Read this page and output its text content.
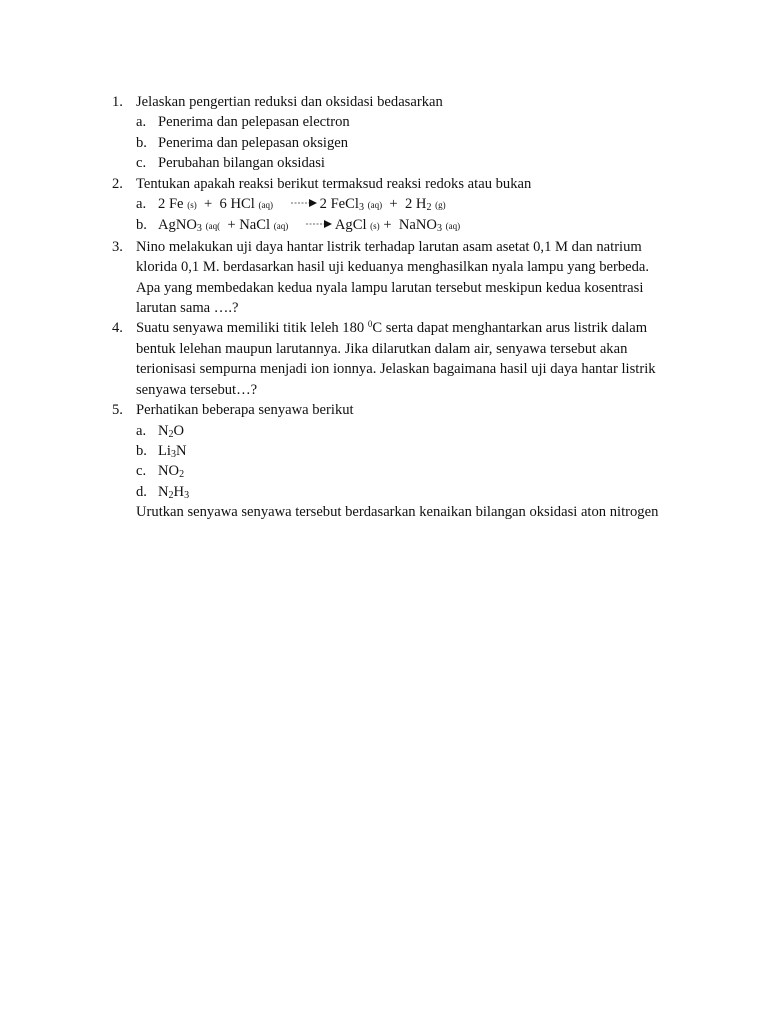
1. Jelaskan pengertian reduksi dan oksidasi bedasarkan
a. Penerima dan pelepasan electron
b. Penerima dan pelepasan oksigen
c. Perubahan bilangan oksidasi
2. Tentukan apakah reaksi berikut termaksud reaksi redoks atau bukan
a. 2 Fe (s) + 6 HCl (aq) → 2 FeCl$_3$ (aq) + 2 $H_2$ (g)
b. AgNO$_3$ (aq( + NaCl (aq) → AgCl (s) + NaNO$_3$ (aq)
3. Nino melakukan uji daya hantar listrik terhadap larutan asam asetat 0,1 M dan natrium
klorida 0,1 M. berdasarkan hasil uji keduanya menghasilkan nyala lampu yang berbeda.
Apa yang membedakan kedua nyala lampu larutan tersebut meskipun kedua kosentrasi
larutan sama ….?
4. Suatu senyawa memiliki titik leleh 180 $^0$C serta dapat menghantarkan arus listrik dalam
bentuk lelehan maupun larutannya. Jika dilarutkan dalam air, senyawa tersebut akan
terionisasi sempurna menjadi ion ionnya. Jelaskan bagaimana hasil uji daya hantar listrik
senyawa tersebut…?
5. Perhatikan beberapa senyawa berikut
a. $N_2O$
b. $Li_3N$
c. $NO_2$
d. $N_2H_3$
Urutkan senyawa senyawa tersebut berdasarkan kenaikan bilangan oksidasi aton nitrogen
